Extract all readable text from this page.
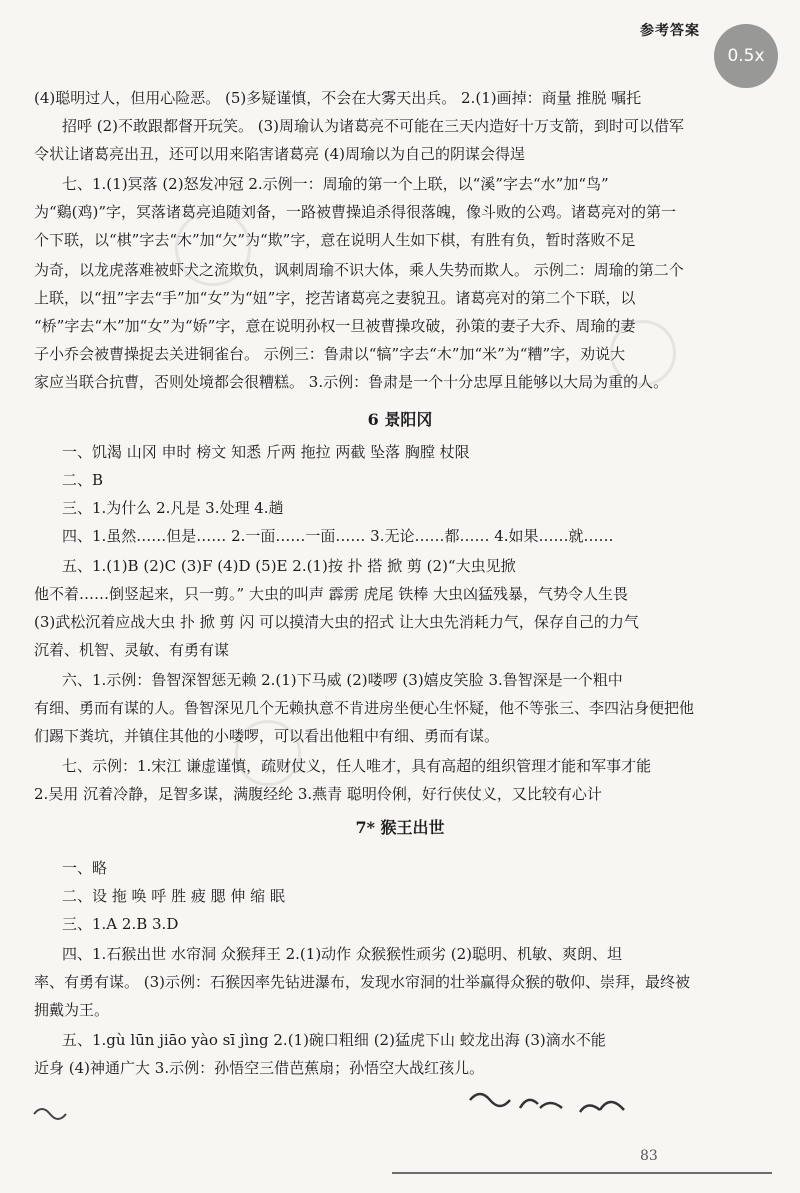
参考答案
0.5x
(4)聪明过人，但用心险恶。 (5)多疑谨慎，不会在大雾天出兵。 2.(1)画掉：商量 推脱 嘱托
招呼 (2)不敢跟都督开玩笑。 (3)周瑜认为诸葛亮不可能在三天内造好十万支箭，到时可以借军
令状让诸葛亮出丑，还可以用来陷害诸葛亮 (4)周瑜以为自己的阴谋会得逞
七、1.(1)冥落 (2)怒发冲冠 2.示例一：周瑜的第一个上联，以“溪”字去“水”加“鸟”
为“鷄(鸡)”字，冥落诸葛亮追随刘备，一路被曹操追杀得很落魄，像斗败的公鸡。诸葛亮对的第一
个下联，以“棋”字去“木”加“欠”为“欺”字，意在说明人生如下棋，有胜有负，暂时落败不足
为奇，以龙虎落难被虾犬之流欺负，讽刺周瑜不识大体，乘人失势而欺人。 示例二：周瑜的第二个
上联，以“扭”字去“手”加“女”为“妞”字，挖苦诸葛亮之妻貌丑。诸葛亮对的第二个下联，以
“桥”字去“木”加“女”为“娇”字，意在说明孙权一旦被曹操攻破，孙策的妻子大乔、周瑜的妻
子小乔会被曹操捉去关进铜雀台。 示例三：鲁肃以“犒”字去“木”加“米”为“糟”字，劝说大
家应当联合抗曹，否则处境都会很糟糕。 3.示例：鲁肃是一个十分忠厚且能够以大局为重的人。
6 景阳冈
一、饥渴 山冈 申时 榜文 知悉 斤两 拖拉 两截 坠落 胸膛 杖限
二、B
三、1.为什么 2.凡是 3.处理 4.趟
四、1.虽然……但是…… 2.一面……一面…… 3.无论……都…… 4.如果……就……
五、1.(1)B (2)C (3)F (4)D (5)E 2.(1)按 扑 搭 掀 剪 (2)“大虫见掀
他不着……倒竖起来，只一剪。” 大虫的叫声 霹雳 虎尾 铁棒 大虫凶猛残暴，气势令人生畏
(3)武松沉着应战大虫 扑 掀 剪 闪 可以摸清大虫的招式 让大虫先消耗力气，保存自己的力气
沉着、机智、灵敏、有勇有谋
六、1.示例：鲁智深智惩无赖 2.(1)下马威 (2)喽啰 (3)嬉皮笑脸 3.鲁智深是一个粗中
有细、勇而有谋的人。鲁智深见几个无赖执意不肯进房坐便心生怀疑，他不等张三、李四沾身便把他
们踢下粪坑，并镇住其他的小喽啰，可以看出他粗中有细、勇而有谋。
七、示例：1.宋江 谦虚谨慎，疏财仗义，任人唯才，具有高超的组织管理才能和军事才能
2.吴用 沉着冷静，足智多谋，满腹经纶 3.燕青 聪明伶俐，好行侠仗义，又比较有心计
7* 猴王出世
一、略
二、设 拖 唤 呼 胜 疲 腮 伸 缩 眠
三、1.A 2.B 3.D
四、1.石猴出世 水帘洞 众猴拜王 2.(1)动作 众猴猴性顽劣 (2)聪明、机敏、爽朗、坦
率、有勇有谋。 (3)示例：石猴因率先钻进瀑布，发现水帘洞的壮举赢得众猴的敬仰、崇拜，最终被
拥戴为王。
五、1.gù lūn jiāo yào sī jìng 2.(1)碗口粗细 (2)猛虎下山 蛟龙出海 (3)滴水不能
近身 (4)神通广大 3.示例：孙悟空三借芭蕉扇；孙悟空大战红孩儿。
83
